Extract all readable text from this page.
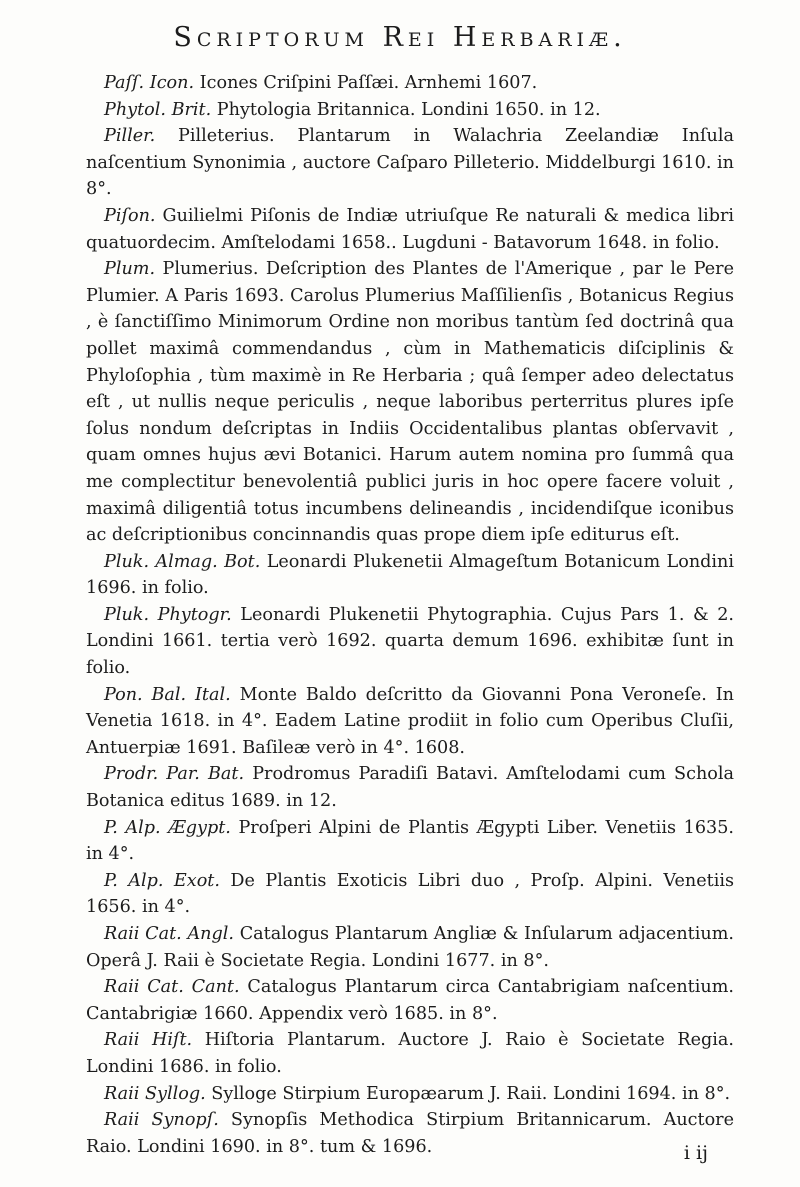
Scriptorum Rei Herbariæ.

Paſſ. Icon. Icones Criſpini Paſſæi. Arnhemi 1607.

Phytol. Brit. Phytologia Britannica. Londini 1650. in 12.

Piller. Pilleterius. Plantarum in Walachria Zeelandiæ Inſula naſcentium Synonimia , auctore Caſparo Pilleterio. Middelburgi 1610. in 8°.

Piſon. Guilielmi Piſonis de Indiæ utriuſque Re naturali & medica libri quatuordecim. Amſtelodami 1658.. Lugduni - Batavorum 1648. in folio.

Plum. Plumerius. Deſcription des Plantes de l'Amerique , par le Pere Plumier. A Paris 1693. Carolus Plumerius Maſſilienſis , Botanicus Regius , è ſanctiſſimo Minimorum Ordine non moribus tantùm ſed doctrinâ qua pollet maximâ commendandus , cùm in Mathematicis diſciplinis & Phyloſophia , tùm maximè in Re Herbaria ; quâ ſemper adeo delectatus eſt , ut nullis neque periculis , neque laboribus perterritus plures ipſe ſolus nondum deſcriptas in Indiis Occidentalibus plantas obſervavit , quam omnes hujus ævi Botanici. Harum autem nomina pro ſummâ qua me complectitur benevolentiâ publici juris in hoc opere facere voluit , maximâ diligentiâ totus incumbens delineandis , incidendiſque iconibus ac deſcriptionibus concinnandis quas prope diem ipſe editurus eſt.

Pluk. Almag. Bot. Leonardi Plukenetii Almageſtum Botanicum Londini 1696. in folio.

Pluk. Phytogr. Leonardi Plukenetii Phytographia. Cujus Pars 1. & 2. Londini 1661. tertia verò 1692. quarta demum 1696. exhibitæ ſunt in folio.

Pon. Bal. Ital. Monte Baldo deſcritto da Giovanni Pona Veroneſe. In Venetia 1618. in 4°. Eadem Latine prodiit in folio cum Operibus Cluſii, Antuerpiæ 1691. Baſileæ verò in 4°. 1608.

Prodr. Par. Bat. Prodromus Paradiſi Batavi. Amſtelodami cum Schola Botanica editus 1689. in 12.

P. Alp. Ægypt. Proſperi Alpini de Plantis Ægypti Liber. Venetiis 1635. in 4°.

P. Alp. Exot. De Plantis Exoticis Libri duo , Proſp. Alpini. Venetiis 1656. in 4°.

Raii Cat. Angl. Catalogus Plantarum Angliæ & Inſularum adjacentium. Operâ J. Raii è Societate Regia. Londini 1677. in 8°.

Raii Cat. Cant. Catalogus Plantarum circa Cantabrigiam naſcentium. Cantabrigiæ 1660. Appendix verò 1685. in 8°.

Raii Hiſt. Hiſtoria Plantarum. Auctore J. Raio è Societate Regia. Londini 1686. in folio.

Raii Syllog. Sylloge Stirpium Europæarum J. Raii. Londini 1694. in 8°.

Raii Synopſ. Synopſis Methodica Stirpium Britannicarum. Auctore Raio. Londini 1690. in 8°. tum & 1696.	i ij
